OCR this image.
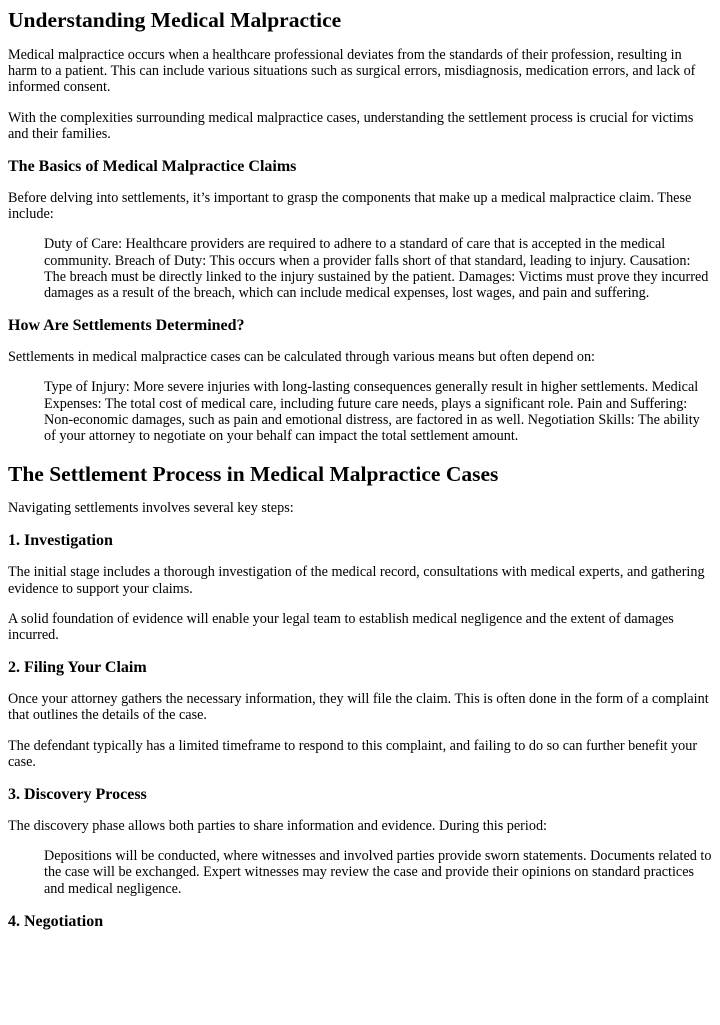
Understanding Medical Malpractice

Medical malpractice occurs when a healthcare professional deviates from the standards of their profession, resulting in harm to a patient. This can include various situations such as surgical errors, misdiagnosis, medication errors, and lack of informed consent.

With the complexities surrounding medical malpractice cases, understanding the settlement process is crucial for victims and their families.

The Basics of Medical Malpractice Claims

Before delving into settlements, it’s important to grasp the components that make up a medical malpractice claim. These include:

Duty of Care: Healthcare providers are required to adhere to a standard of care that is accepted in the medical community. Breach of Duty: This occurs when a provider falls short of that standard, leading to injury. Causation: The breach must be directly linked to the injury sustained by the patient. Damages: Victims must prove they incurred damages as a result of the breach, which can include medical expenses, lost wages, and pain and suffering.
How Are Settlements Determined?

Settlements in medical malpractice cases can be calculated through various means but often depend on:

Type of Injury: More severe injuries with long-lasting consequences generally result in higher settlements. Medical Expenses: The total cost of medical care, including future care needs, plays a significant role. Pain and Suffering: Non-economic damages, such as pain and emotional distress, are factored in as well. Negotiation Skills: The ability of your attorney to negotiate on your behalf can impact the total settlement amount.
The Settlement Process in Medical Malpractice Cases

Navigating settlements involves several key steps:

1. Investigation

The initial stage includes a thorough investigation of the medical record, consultations with medical experts, and gathering evidence to support your claims.

A solid foundation of evidence will enable your legal team to establish medical negligence and the extent of damages incurred.

2. Filing Your Claim

Once your attorney gathers the necessary information, they will file the claim. This is often done in the form of a complaint that outlines the details of the case.

The defendant typically has a limited timeframe to respond to this complaint, and failing to do so can further benefit your case.

3. Discovery Process

The discovery phase allows both parties to share information and evidence. During this period:

Depositions will be conducted, where witnesses and involved parties provide sworn statements. Documents related to the case will be exchanged. Expert witnesses may review the case and provide their opinions on standard practices and medical negligence.
4. Negotiation
